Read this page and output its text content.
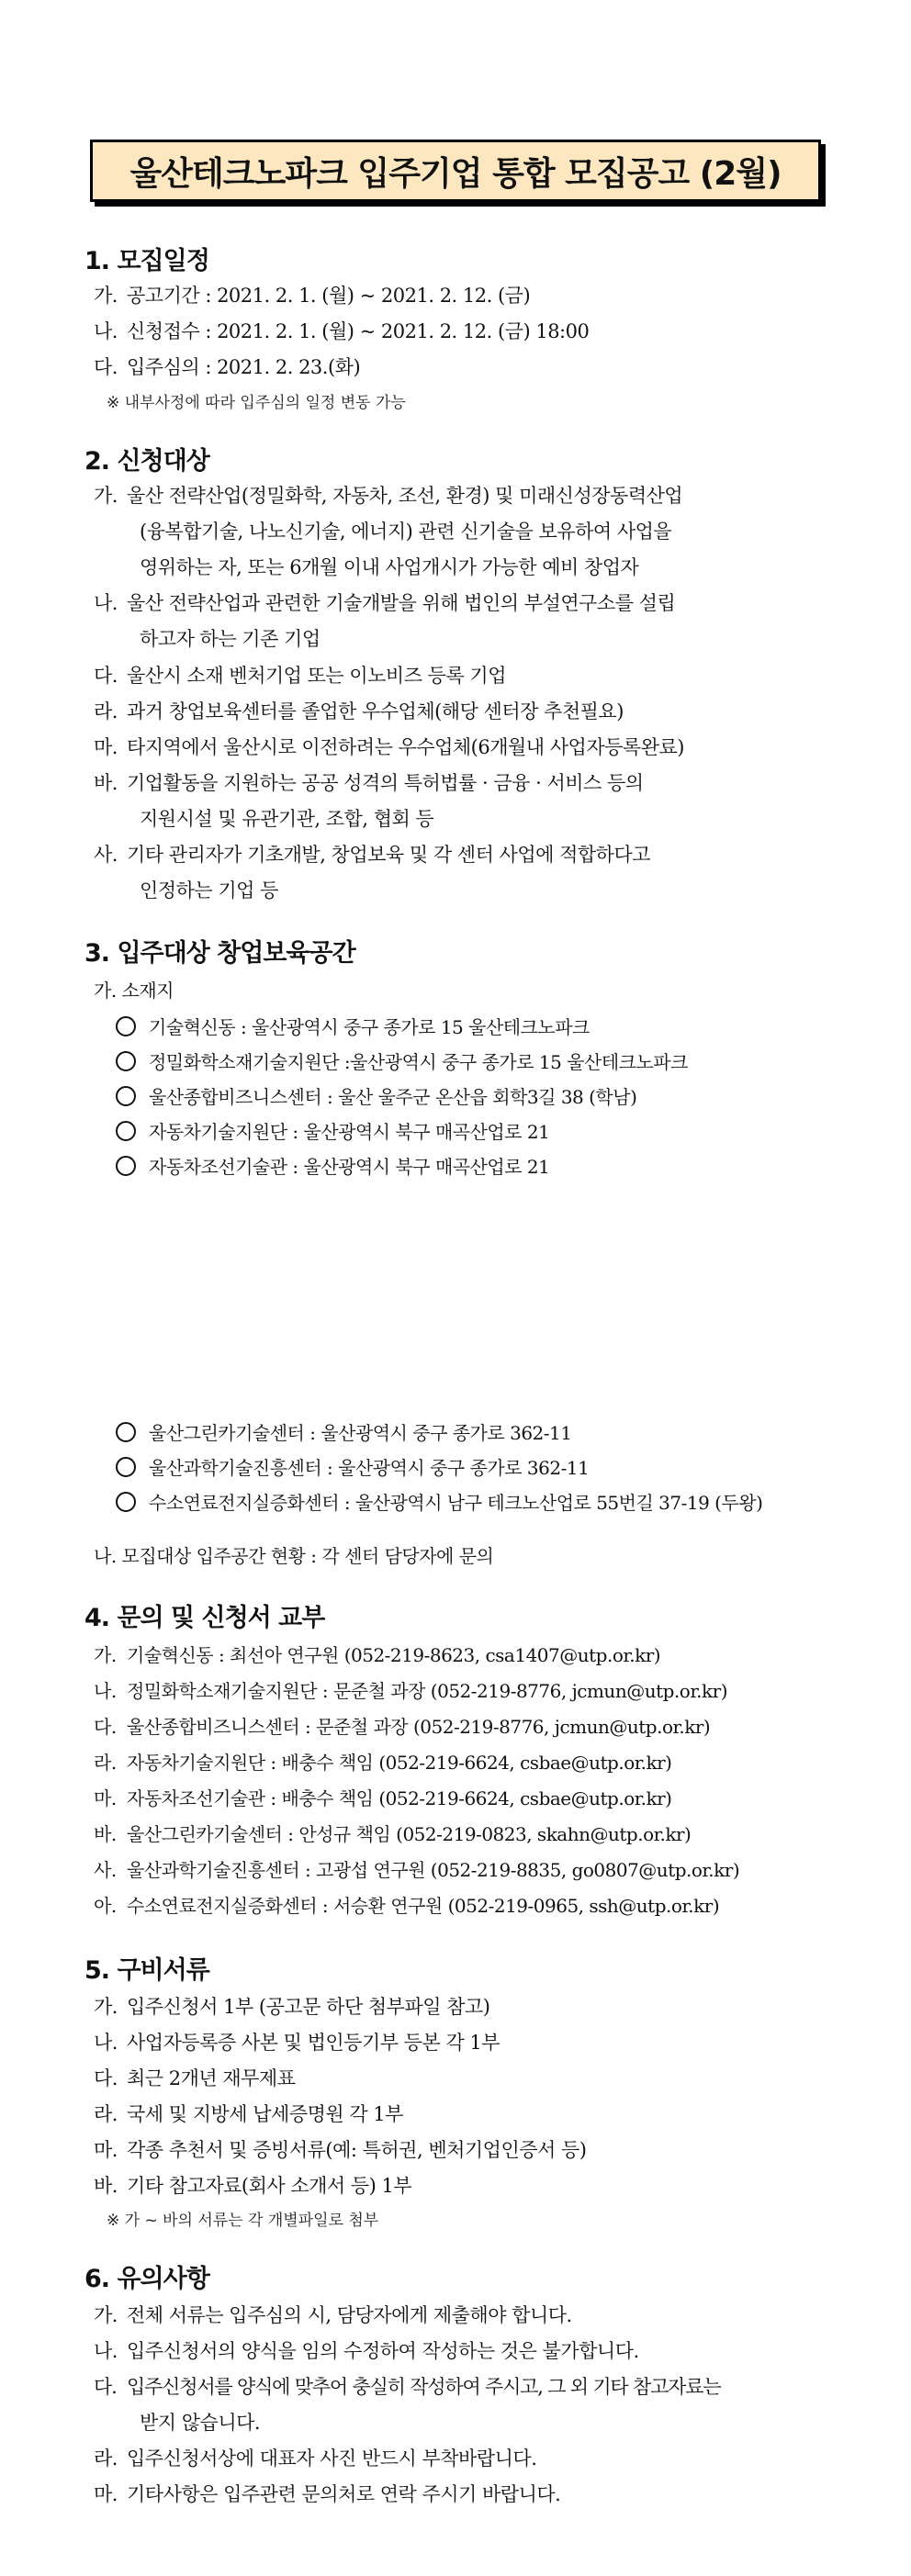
울산테크노파크 입주기업 통합 모집공고 (2월)
1. 모집일정
가. 공고기간 : 2021. 2. 1. (월) ~ 2021. 2. 12. (금)
나. 신청접수 : 2021. 2. 1. (월) ~ 2021. 2. 12. (금) 18:00
다. 입주심의 : 2021. 2. 23.(화)
※ 내부사정에 따라 입주심의 일정 변동 가능
2. 신청대상
가. 울산 전략산업(정밀화학, 자동차, 조선, 환경) 및 미래신성장동력산업
(융복합기술, 나노신기술, 에너지) 관련 신기술을 보유하여 사업을
영위하는 자, 또는 6개월 이내 사업개시가 가능한 예비 창업자
나. 울산 전략산업과 관련한 기술개발을 위해 법인의 부설연구소를 설립
하고자 하는 기존 기업
다. 울산시 소재 벤처기업 또는 이노비즈 등록 기업
라. 과거 창업보육센터를 졸업한 우수업체(해당 센터장 추천필요)
마. 타지역에서 울산시로 이전하려는 우수업체(6개월내 사업자등록완료)
바. 기업활동을 지원하는 공공 성격의 특허법률 · 금융 · 서비스 등의
지원시설 및 유관기관, 조합, 협회 등
사. 기타 관리자가 기초개발, 창업보육 및 각 센터 사업에 적합하다고
인정하는 기업 등
3. 입주대상 창업보육공간
가. 소재지
기술혁신동 : 울산광역시 중구 종가로 15 울산테크노파크
정밀화학소재기술지원단 :울산광역시 중구 종가로 15 울산테크노파크
울산종합비즈니스센터 : 울산 울주군 온산읍 회학3길 38 (학남)
자동차기술지원단 : 울산광역시 북구 매곡산업로 21
자동차조선기술관 : 울산광역시 북구 매곡산업로 21
울산그린카기술센터 : 울산광역시 중구 종가로 362-11
울산과학기술진흥센터 : 울산광역시 중구 종가로 362-11
수소연료전지실증화센터 : 울산광역시 남구 테크노산업로 55번길 37-19 (두왕)
나. 모집대상 입주공간 현황 : 각 센터 담당자에 문의
4. 문의 및 신청서 교부
가. 기술혁신동 : 최선아 연구원 (052-219-8623, csa1407@utp.or.kr)
나. 정밀화학소재기술지원단 : 문준철 과장 (052-219-8776, jcmun@utp.or.kr)
다. 울산종합비즈니스센터 : 문준철 과장 (052-219-8776, jcmun@utp.or.kr)
라. 자동차기술지원단 : 배충수 책임 (052-219-6624, csbae@utp.or.kr)
마. 자동차조선기술관 : 배충수 책임 (052-219-6624, csbae@utp.or.kr)
바. 울산그린카기술센터 : 안성규 책임 (052-219-0823, skahn@utp.or.kr)
사. 울산과학기술진흥센터 : 고광섭 연구원 (052-219-8835, go0807@utp.or.kr)
아. 수소연료전지실증화센터 : 서승환 연구원 (052-219-0965, ssh@utp.or.kr)
5. 구비서류
가. 입주신청서 1부 (공고문 하단 첨부파일 참고)
나. 사업자등록증 사본 및 법인등기부 등본 각 1부
다. 최근 2개년 재무제표
라. 국세 및 지방세 납세증명원 각 1부
마. 각종 추천서 및 증빙서류(예: 특허권, 벤처기업인증서 등)
바. 기타 참고자료(회사 소개서 등) 1부
※ 가 ~ 바의 서류는 각 개별파일로 첨부
6. 유의사항
가. 전체 서류는 입주심의 시, 담당자에게 제출해야 합니다.
나. 입주신청서의 양식을 임의 수정하여 작성하는 것은 불가합니다.
다. 입주신청서를 양식에 맞추어 충실히 작성하여 주시고, 그 외 기타 참고자료는
받지 않습니다.
라. 입주신청서상에 대표자 사진 반드시 부착바랍니다.
마. 기타사항은 입주관련 문의처로 연락 주시기 바랍니다.
